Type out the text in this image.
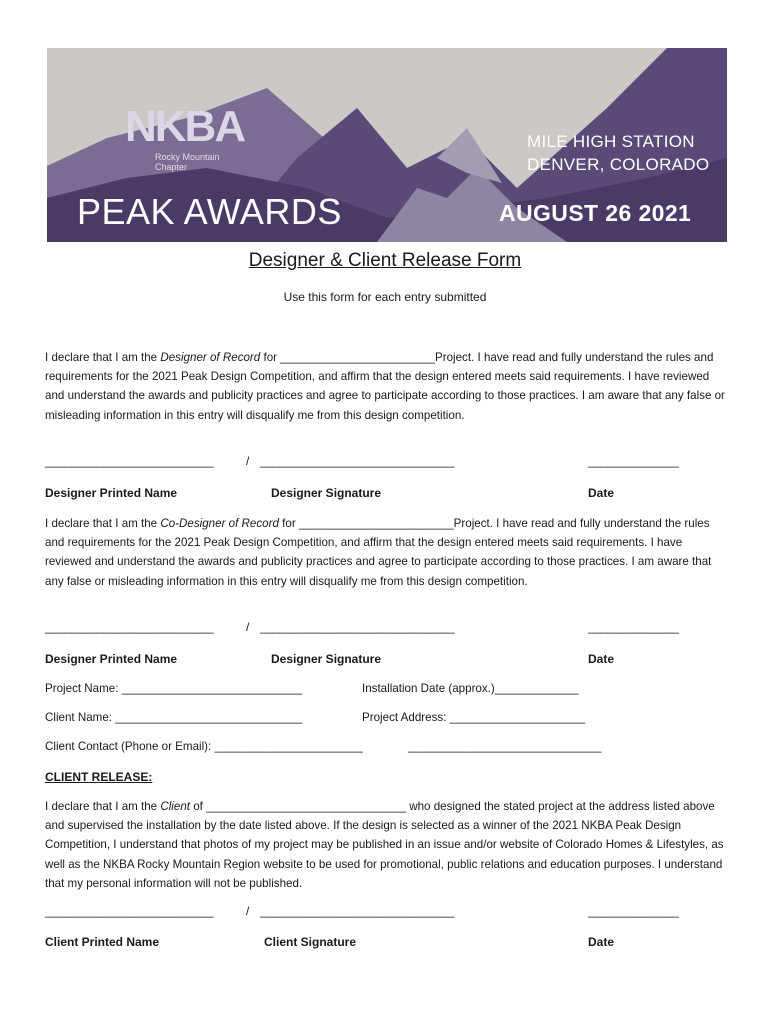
NKBA
Rocky Mountain
Chapter
MILE HIGH STATION
DENVER, COLORADO
PEAK AWARDS	AUGUST 26 2021
Designer & Client Release Form
Use this form for each entry submitted
I declare that I am the Designer of Record for ________________________Project. I have read and fully understand the rules and requirements for the 2021 Peak Design Competition, and affirm that the design entered meets said requirements. I have reviewed and understand the awards and publicity practices and agree to participate according to those practices. I am aware that any false or misleading information in this entry will disqualify me from this design competition.
__________________________	/ ______________________________	______________
Designer Printed Name	Designer Signature	Date
I declare that I am the Co-Designer of Record for ________________________Project. I have read and fully understand the rules and requirements for the 2021 Peak Design Competition, and affirm that the design entered meets said requirements. I have reviewed and understand the awards and publicity practices and agree to participate according to those practices. I am aware that any false or misleading information in this entry will disqualify me from this design competition.
__________________________	/ ______________________________	______________
Designer Printed Name	Designer Signature	Date
Project Name: ____________________________	Installation Date (approx.)_____________
Client Name: _____________________________	Project Address: _____________________
Client Contact (Phone or Email): _______________________	______________________________
CLIENT RELEASE:
I declare that I am the Client of _______________________________ who designed the stated project at the address listed above and supervised the installation by the date listed above. If the design is selected as a winner of the 2021 NKBA Peak Design Competition, I understand that photos of my project may be published in an issue and/or website of Colorado Homes & Lifestyles, as well as the NKBA Rocky Mountain Region website to be used for promotional, public relations and education purposes. I understand that my personal information will not be published.
__________________________	/ ______________________________	______________
Client Printed Name	Client Signature	Date
